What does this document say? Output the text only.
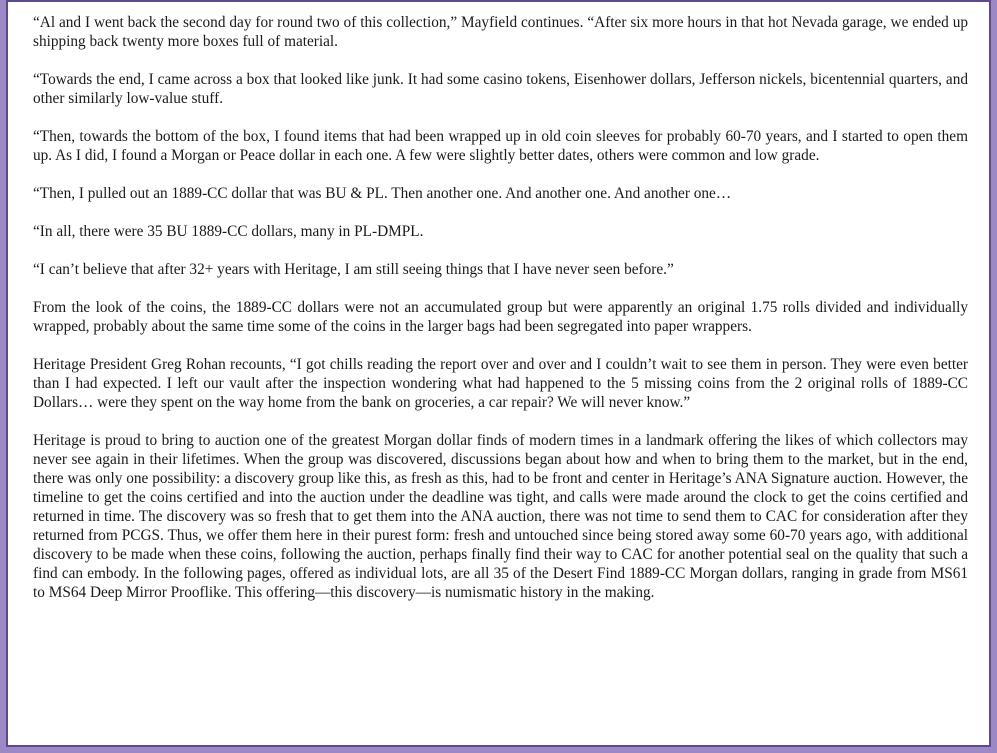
“Al and I went back the second day for round two of this collection,” Mayfield continues. “After six more hours in that hot Nevada garage, we ended up shipping back twenty more boxes full of material.

“Towards the end, I came across a box that looked like junk. It had some casino tokens, Eisenhower dollars, Jefferson nickels, bicentennial quarters, and other similarly low-value stuff.

“Then, towards the bottom of the box, I found items that had been wrapped up in old coin sleeves for probably 60-70 years, and I started to open them up. As I did, I found a Morgan or Peace dollar in each one. A few were slightly better dates, others were common and low grade.

“Then, I pulled out an 1889-CC dollar that was BU & PL. Then another one. And another one. And another one…

“In all, there were 35 BU 1889-CC dollars, many in PL-DMPL.

“I can’t believe that after 32+ years with Heritage, I am still seeing things that I have never seen before.”

From the look of the coins, the 1889-CC dollars were not an accumulated group but were apparently an original 1.75 rolls divided and individually wrapped, probably about the same time some of the coins in the larger bags had been segregated into paper wrappers.

Heritage President Greg Rohan recounts, “I got chills reading the report over and over and I couldn’t wait to see them in person. They were even better than I had expected. I left our vault after the inspection wondering what had happened to the 5 missing coins from the 2 original rolls of 1889-CC Dollars… were they spent on the way home from the bank on groceries, a car repair? We will never know.”

Heritage is proud to bring to auction one of the greatest Morgan dollar finds of modern times in a landmark offering the likes of which collectors may never see again in their lifetimes. When the group was discovered, discussions began about how and when to bring them to the market, but in the end, there was only one possibility: a discovery group like this, as fresh as this, had to be front and center in Heritage’s ANA Signature auction. However, the timeline to get the coins certified and into the auction under the deadline was tight, and calls were made around the clock to get the coins certified and returned in time. The discovery was so fresh that to get them into the ANA auction, there was not time to send them to CAC for consideration after they returned from PCGS. Thus, we offer them here in their purest form: fresh and untouched since being stored away some 60-70 years ago, with additional discovery to be made when these coins, following the auction, perhaps finally find their way to CAC for another potential seal on the quality that such a find can embody. In the following pages, offered as individual lots, are all 35 of the Desert Find 1889-CC Morgan dollars, ranging in grade from MS61 to MS64 Deep Mirror Prooflike. This offering—this discovery—is numismatic history in the making.
